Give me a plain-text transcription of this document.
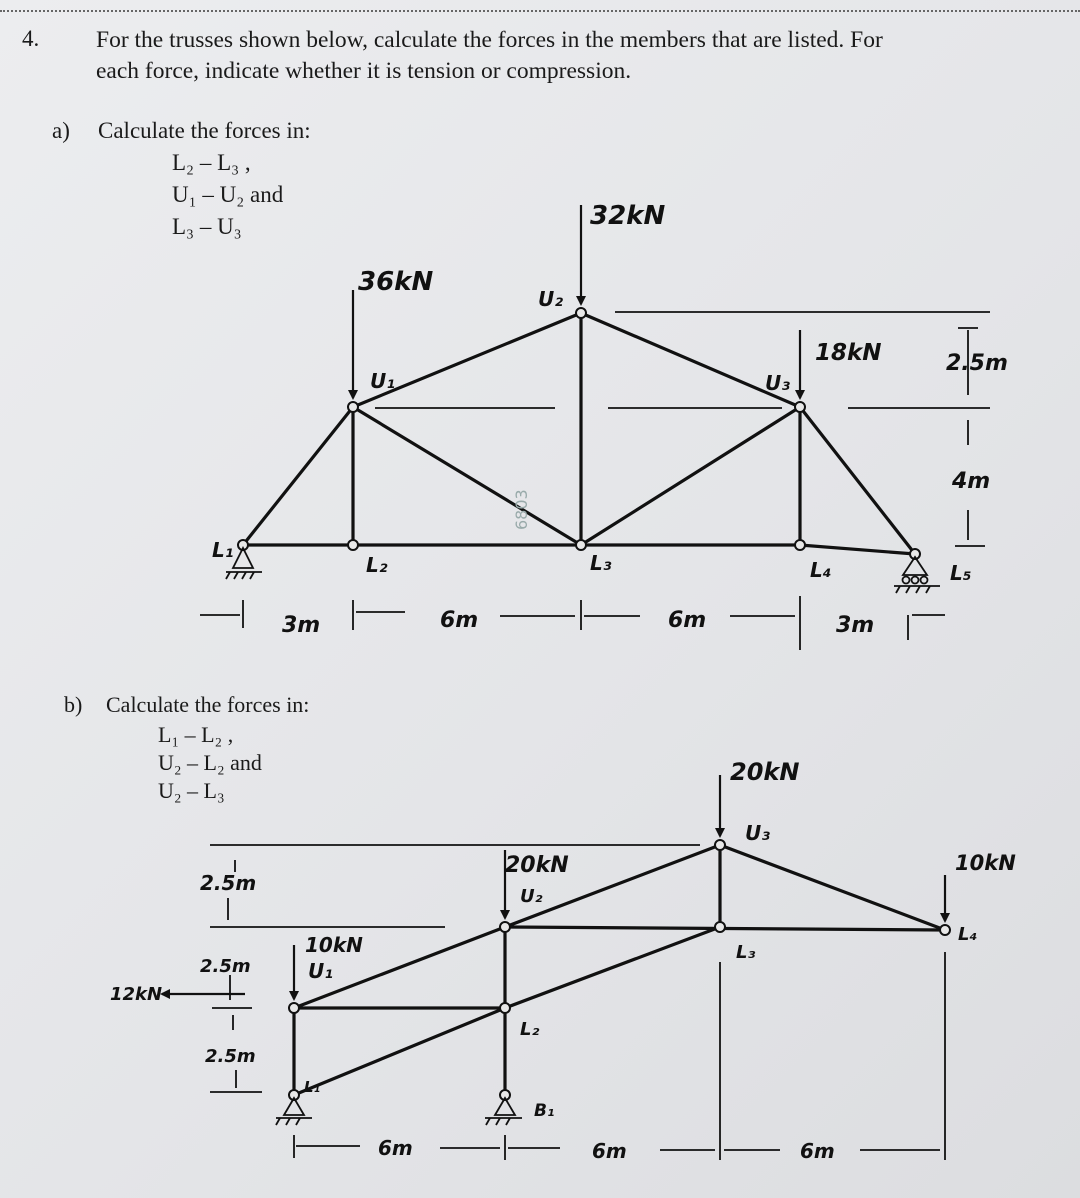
4. For the trusses shown below, calculate the forces in the members that are listed. For
each force, indicate whether it is tension or compression.
a) Calculate the forces in:
L₂ – L₃ ,
U₁ – U₂ and
L₃ – U₃
b) Calculate the forces in:
L₁ – L₂ ,
U₂ – L₂ and
U₂ – L₃
36kN
32kN
18kN
L₁
L₂	L₃	L₄	L₅
U₁
U₂
U₃
3m	6m	6m	3m
2.5m
4m
6803
12kN
10kN
20kN
20kN
10kN
L₁
L₂
L₃
L₄
U₁
U₂
U₃
B₁
2.5m
2.5m
2.5m
6m	6m	6m
